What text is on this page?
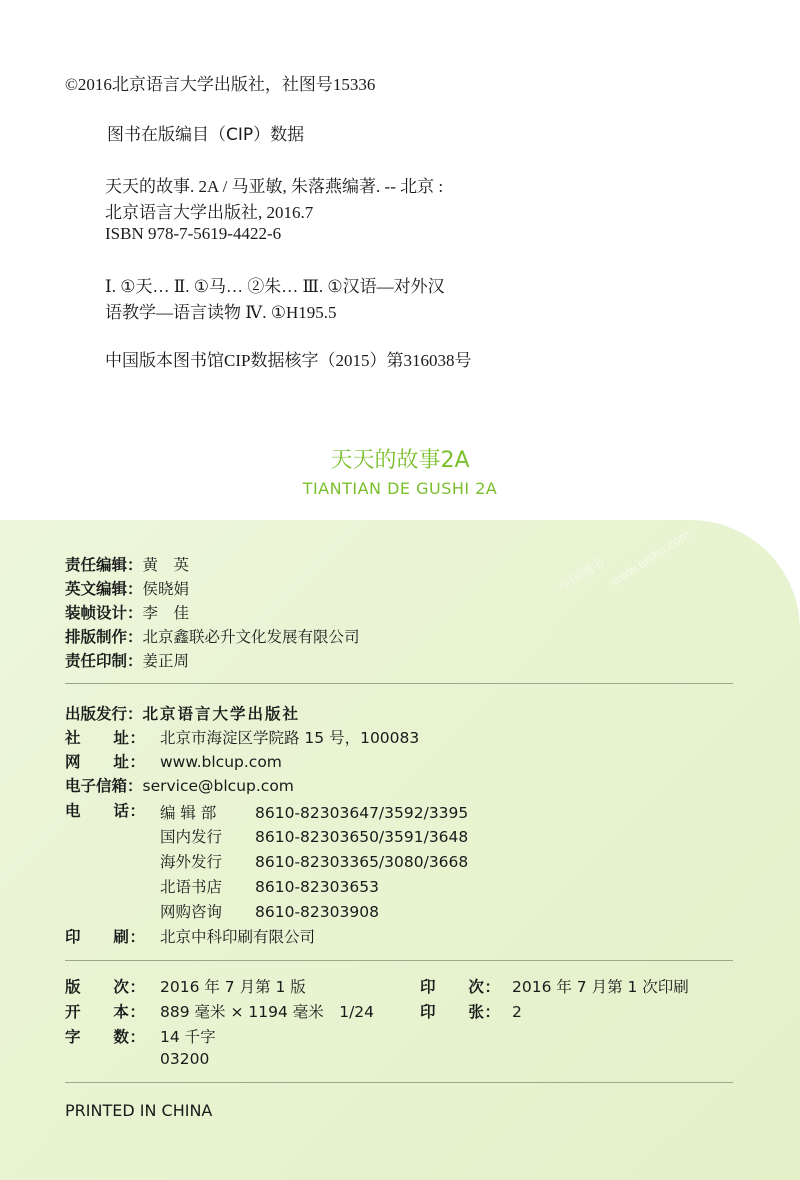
©2016北京语言大学出版社，社图号15336
图书在版编目（CIP）数据
天天的故事. 2A / 马亚敏, 朱落燕编著. -- 北京 :
北京语言大学出版社, 2016.7
ISBN 978-7-5619-4422-6
Ⅰ. ①天… Ⅱ. ①马… ②朱… Ⅲ. ①汉语—对外汉
语教学—语言读物 Ⅳ. ①H195.5
中国版本图书馆CIP数据核字（2015）第316038号
天天的故事2A
TIANTIAN DE GUSHI 2A
中国图书 www.tushu.com
责任编辑：黄　英
英文编辑：侯晓娟
装帧设计：李　佳
排版制作：北京鑫联必升文化发展有限公司
责任印制：姜正周
出版发行：北京语言大学出版社
社　　址： 北京市海淀区学院路 15 号，100083
网　　址： www.blcup.com
电子信箱：service@blcup.com
电　　话： 编 辑 部 8610-82303647/3592/3395
国内发行 8610-82303650/3591/3648
海外发行 8610-82303365/3080/3668
北语书店 8610-82303653
网购咨询 8610-82303908
印　　刷： 北京中科印刷有限公司
版　　次： 2016 年 7 月第 1 版	印　　次： 2016 年 7 月第 1 次印刷
开　　本： 889 毫米 × 1194 毫米　1/24	印　　张： 2
字　　数： 14 千字
03200
PRINTED IN CHINA
